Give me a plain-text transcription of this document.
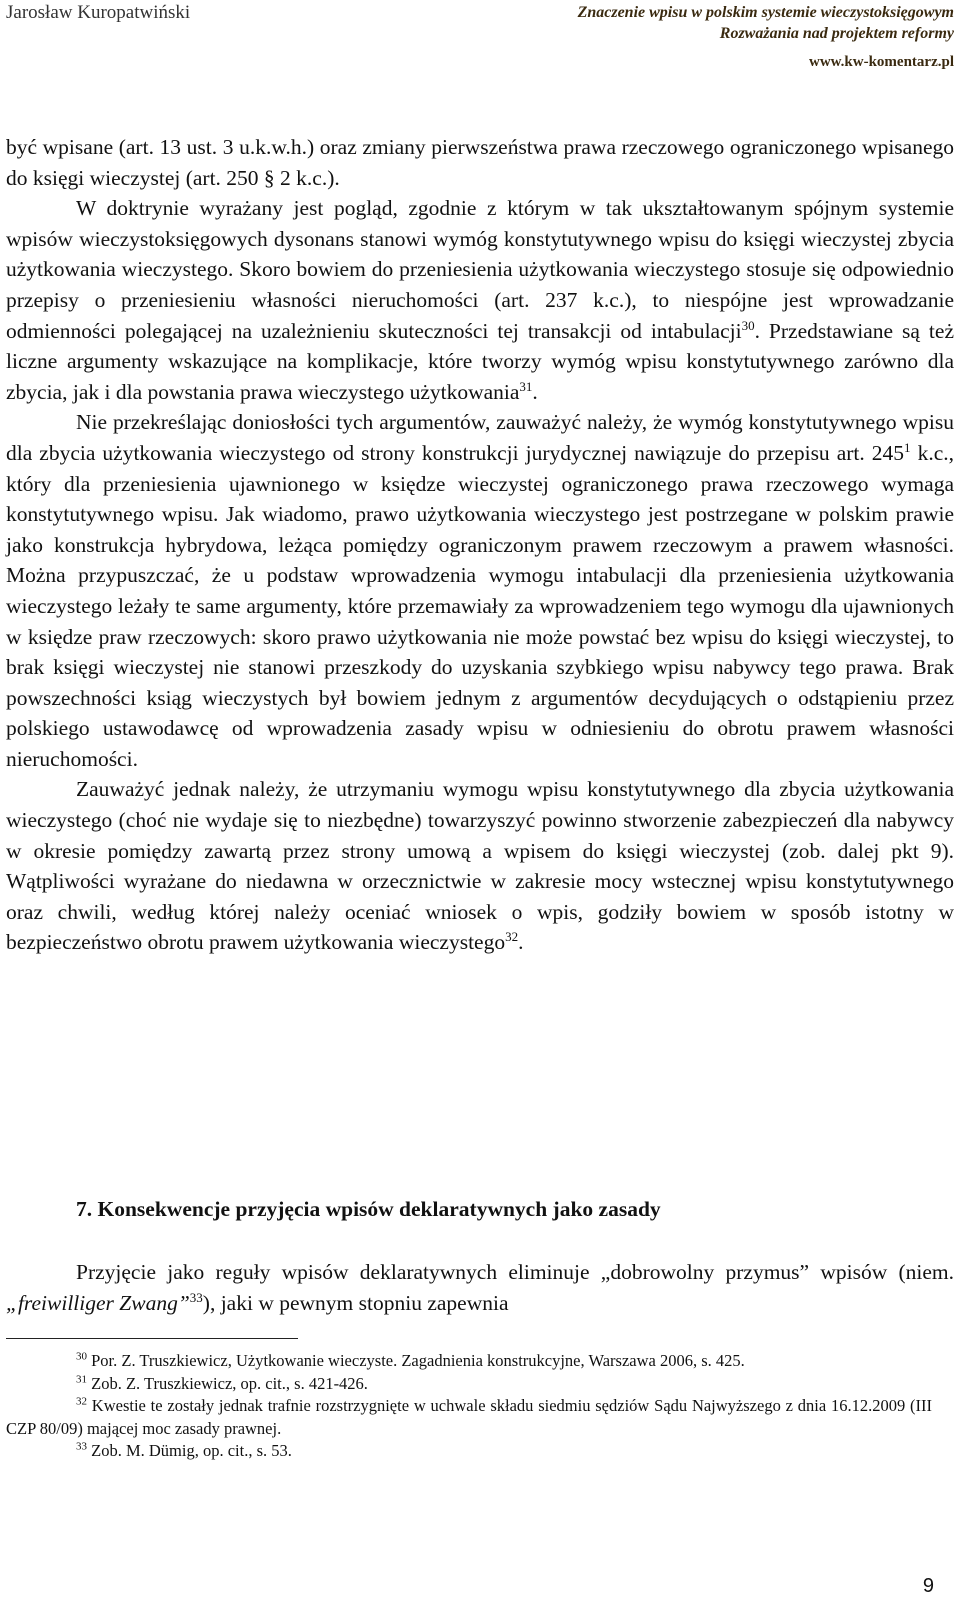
Jarosław Kuropatwiński	Znaczenie wpisu w polskim systemie wieczystoksięgowym
Rozważania nad projektem reformy
www.kw-komentarz.pl

być wpisane (art. 13 ust. 3 u.k.w.h.) oraz zmiany pierwszeństwa prawa rzeczowego ograniczonego wpisanego do księgi wieczystej (art. 250 § 2 k.c.).

W doktrynie wyrażany jest pogląd, zgodnie z którym w tak ukształtowanym spójnym systemie wpisów wieczystoksięgowych dysonans stanowi wymóg konstytutywnego wpisu do księgi wieczystej zbycia użytkowania wieczystego. Skoro bowiem do przeniesienia użytkowania wieczystego stosuje się odpowiednio przepisy o przeniesieniu własności nieruchomości (art. 237 k.c.), to niespójne jest wprowadzanie odmienności polegającej na uzależnieniu skuteczności tej transakcji od intabulacji$^{30}$. Przedstawiane są też liczne argumenty wskazujące na komplikacje, które tworzy wymóg wpisu konstytutywnego zarówno dla zbycia, jak i dla powstania prawa wieczystego użytkowania$^{31}$.

Nie przekreślając doniosłości tych argumentów, zauważyć należy, że wymóg konstytutywnego wpisu dla zbycia użytkowania wieczystego od strony konstrukcji jurydycznej nawiązuje do przepisu art. $245^1$ k.c., który dla przeniesienia ujawnionego w księdze wieczystej ograniczonego prawa rzeczowego wymaga konstytutywnego wpisu. Jak wiadomo, prawo użytkowania wieczystego jest postrzegane w polskim prawie jako konstrukcja hybrydowa, leżąca pomiędzy ograniczonym prawem rzeczowym a prawem własności. Można przypuszczać, że u podstaw wprowadzenia wymogu intabulacji dla przeniesienia użytkowania wieczystego leżały te same argumenty, które przemawiały za wprowadzeniem tego wymogu dla ujawnionych w księdze praw rzeczowych: skoro prawo użytkowania nie może powstać bez wpisu do księgi wieczystej, to brak księgi wieczystej nie stanowi przeszkody do uzyskania szybkiego wpisu nabywcy tego prawa. Brak powszechności ksiąg wieczystych był bowiem jednym z argumentów decydujących o odstąpieniu przez polskiego ustawodawcę od wprowadzenia zasady wpisu w odniesieniu do obrotu prawem własności nieruchomości.

Zauważyć jednak należy, że utrzymaniu wymogu wpisu konstytutywnego dla zbycia użytkowania wieczystego (choć nie wydaje się to niezbędne) towarzyszyć powinno stworzenie zabezpieczeń dla nabywcy w okresie pomiędzy zawartą przez strony umową a wpisem do księgi wieczystej (zob. dalej pkt 9). Wątpliwości wyrażane do niedawna w orzecznictwie w zakresie mocy wstecznej wpisu konstytutywnego oraz chwili, według której należy oceniać wniosek o wpis, godziły bowiem w sposób istotny w bezpieczeństwo obrotu prawem użytkowania wieczystego$^{32}$.

7. Konsekwencje przyjęcia wpisów deklaratywnych jako zasady

Przyjęcie jako reguły wpisów deklaratywnych eliminuje „dobrowolny przymus” wpisów (niem. „freiwilliger Zwang”$^{33}$), jaki w pewnym stopniu zapewnia

$^{30}$ Por. Z. Truszkiewicz, Użytkowanie wieczyste. Zagadnienia konstrukcyjne, Warszawa 2006, s. 425.

$^{31}$ Zob. Z. Truszkiewicz, op. cit., s. 421-426.

$^{32}$ Kwestie te zostały jednak trafnie rozstrzygnięte w uchwale składu siedmiu sędziów Sądu Najwyższego z dnia 16.12.2009 (III CZP 80/09) mającej moc zasady prawnej.

$^{33}$ Zob. M. Dümig, op. cit., s. 53.

9
